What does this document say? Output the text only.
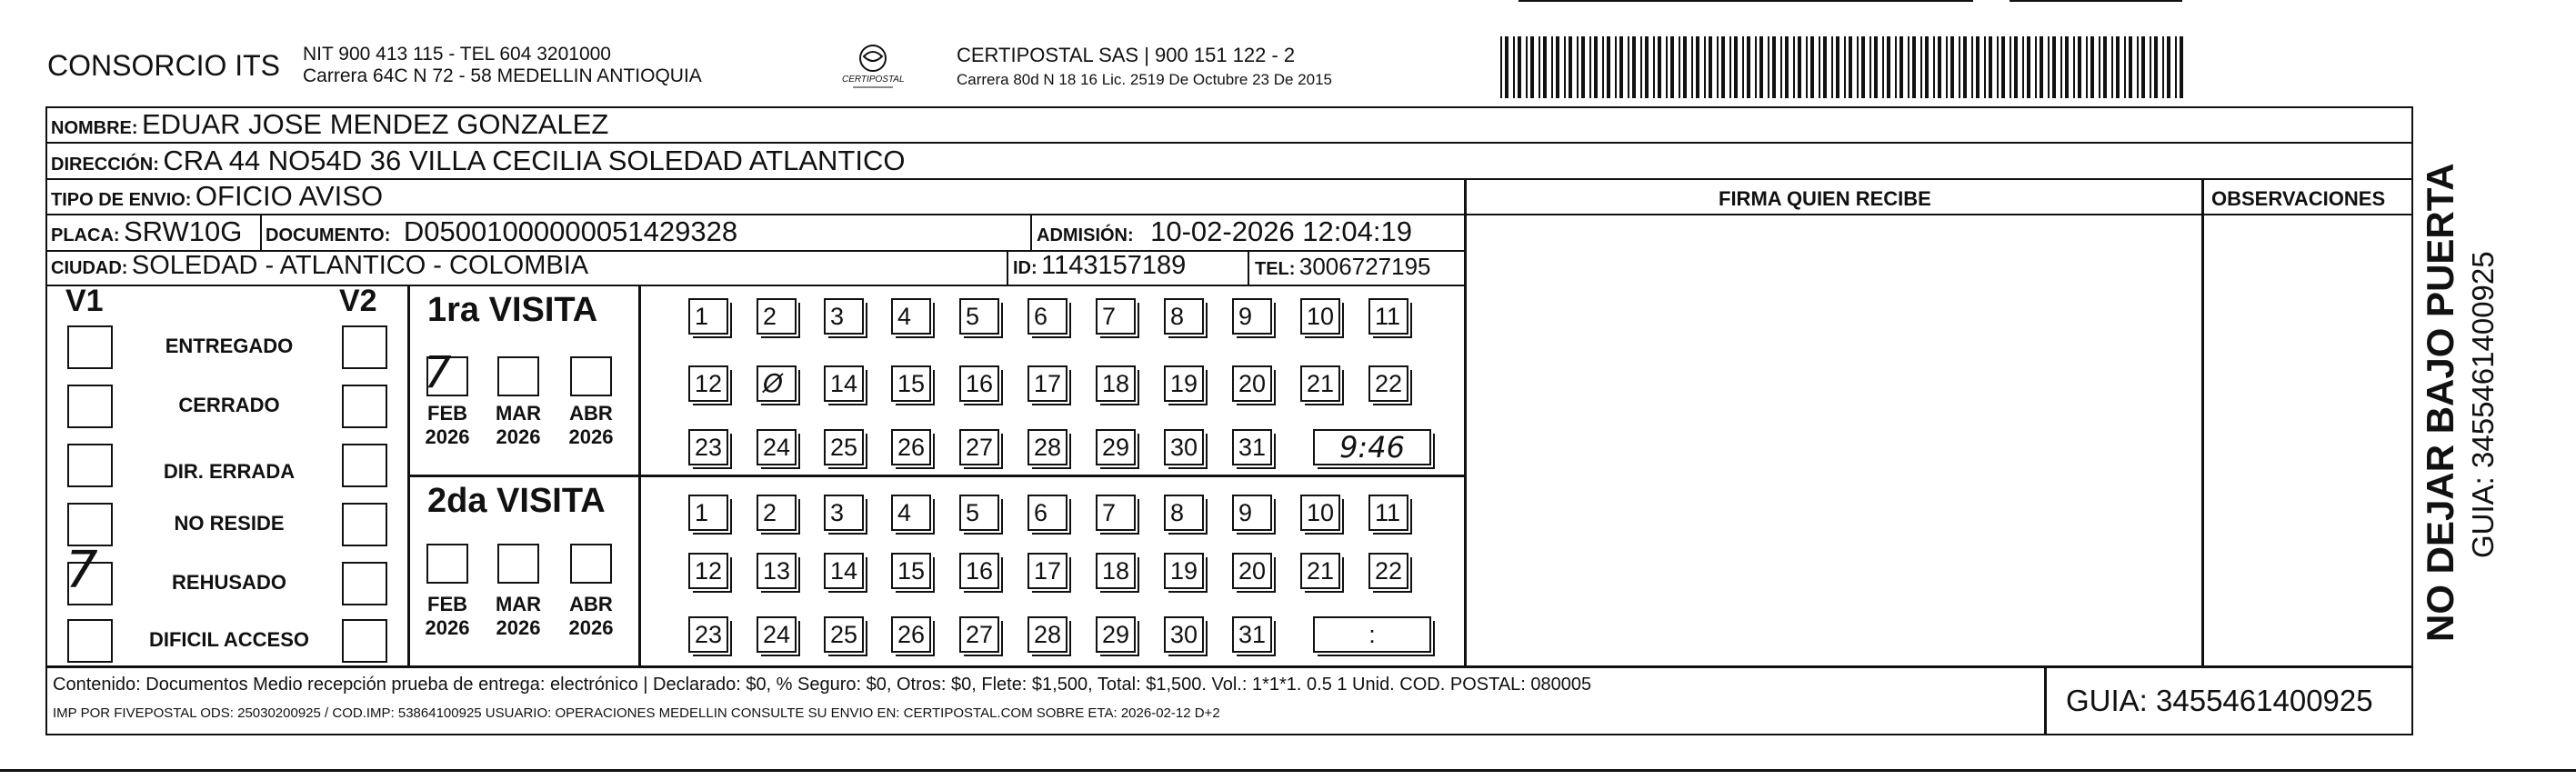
CONSORCIO ITS NIT 900 413 115 - TEL 604 3201000
Carrera 64C N 72 - 58 MEDELLIN ANTIOQUIA	CERTIPOSTAL
CERTIPOSTAL SAS | 900 151 122 - 2
Carrera 80d N 18 16 Lic. 2519 De Octubre 23 De 2015
NOMBRE: EDUAR JOSE MENDEZ GONZALEZ
DIRECCIÓN: CRA 44 NO54D 36 VILLA CECILIA SOLEDAD ATLANTICO
TIPO DE ENVIO: OFICIO AVISO	FIRMA QUIEN RECIBE	OBSERVACIONES
PLACA: SRW10G DOCUMENTO: D05001000000051429328	ADMISIÓN: 10-02-2026 12:04:19
CIUDAD: SOLEDAD - ATLANTICO - COLOMBIA	ID: 1143157189	TEL: 3006727195
V1	V2
ENTREGADO
CERRADO
DIR. ERRADA
NO RESIDE
REHUSADO
DIFICIL ACCESO
1ra VISITA
2da VISITA
FEB
2026
MAR
2026
ABR
2026
FEB
2026
MAR
2026
ABR
2026
1	2	3	4	5	6	7	8	9	10 11
12 Ø	14 15 16 17 18 19 20 21 22
23 24 25 26 27 28 29 30 31	9:46
1	2	3	4	5	6	7	8	9	10 11
12 13 14 15 16 17 18 19 20 21 22
23 24 25 26 27 28 29 30 31	:
7
7
Contenido: Documentos Medio recepción prueba de entrega: electrónico | Declarado: $0, % Seguro: $0, Otros: $0, Flete: $1,500, Total: $1,500. Vol.: 1*1*1. 0.5 1 Unid. COD. POSTAL: 080005
IMP POR FIVEPOSTAL ODS: 25030200925 / COD.IMP: 53864100925 USUARIO: OPERACIONES MEDELLIN CONSULTE SU ENVIO EN: CERTIPOSTAL.COM SOBRE ETA: 2026-02-12 D+2	GUIA: 3455461400925
NO DEJAR BAJO PUERTA GUIA: 3455461400925
